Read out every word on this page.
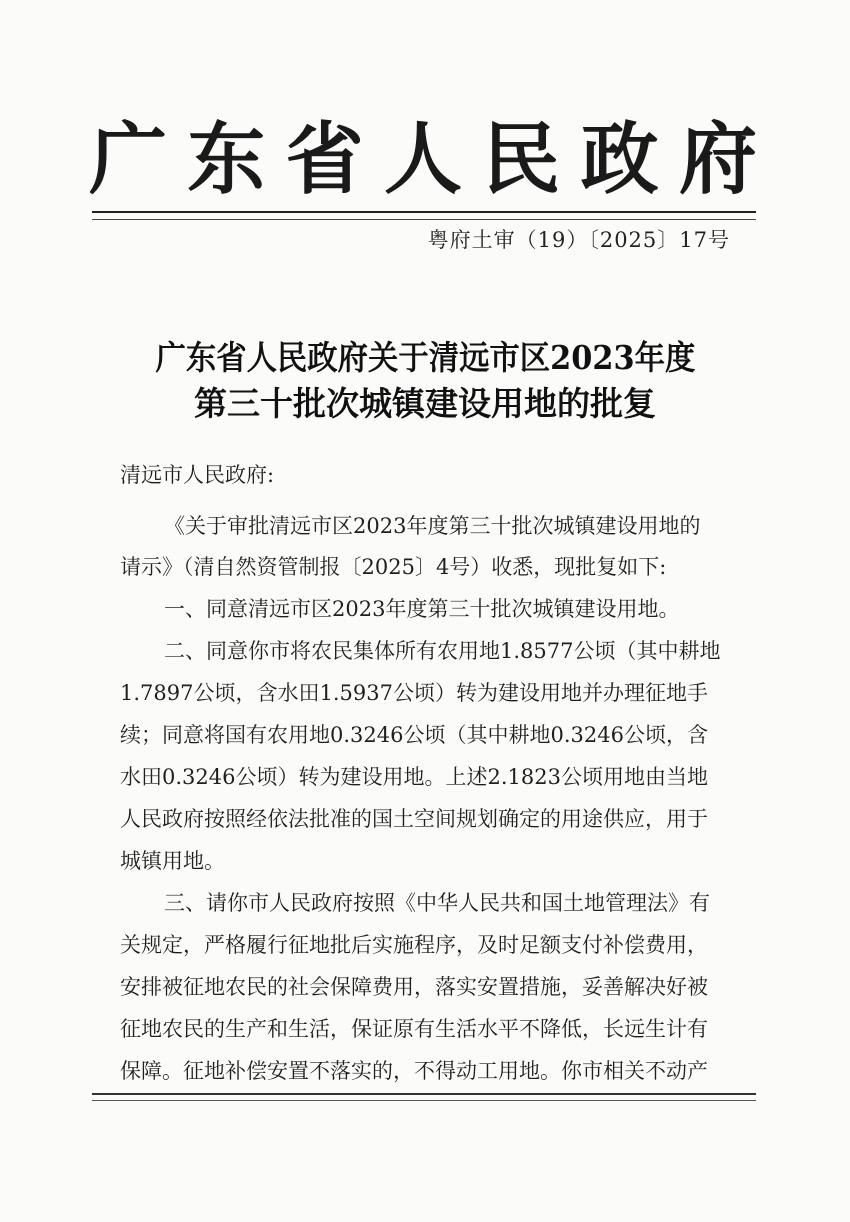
广 东 省 人 民 政 府
粤府土审（19）〔2025〕17号
广东省人民政府关于清远市区2023年度
第三十批次城镇建设用地的批复
清远市人民政府:
《关于审批清远市区2023年度第三十批次城镇建设用地的
请示》（清自然资管制报〔2025〕4号）收悉，现批复如下:
一、同意清远市区2023年度第三十批次城镇建设用地。
二、同意你市将农民集体所有农用地1.8577公顷（其中耕地
1.7897公顷，含水田1.5937公顷）转为建设用地并办理征地手
续；同意将国有农用地0.3246公顷（其中耕地0.3246公顷，含
水田0.3246公顷）转为建设用地。上述2.1823公顷用地由当地
人民政府按照经依法批准的国土空间规划确定的用途供应，用于
城镇用地。
三、请你市人民政府按照《中华人民共和国土地管理法》有
关规定，严格履行征地批后实施程序，及时足额支付补偿费用，
安排被征地农民的社会保障费用，落实安置措施，妥善解决好被
征地农民的生产和生活，保证原有生活水平不降低，长远生计有
保障。征地补偿安置不落实的，不得动工用地。你市相关不动产
